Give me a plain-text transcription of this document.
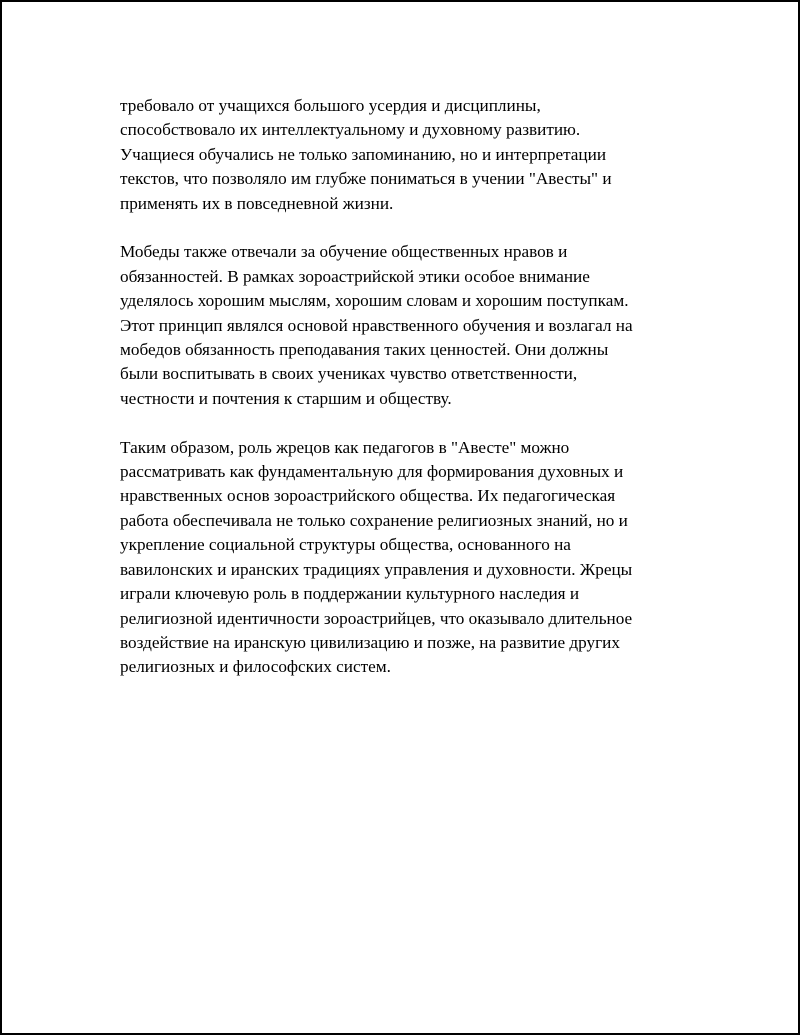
требовало от учащихся большого усердия и дисциплины,
способствовало их интеллектуальному и духовному развитию.
Учащиеся обучались не только запоминанию, но и интерпретации
текстов, что позволяло им глубже пониматься в учении "Авесты" и
применять их в повседневной жизни.

Мобеды также отвечали за обучение общественных нравов и
обязанностей. В рамках зороастрийской этики особое внимание
уделялось хорошим мыслям, хорошим словам и хорошим поступкам.
Этот принцип являлся основой нравственного обучения и возлагал на
мобедов обязанность преподавания таких ценностей. Они должны
были воспитывать в своих учениках чувство ответственности,
честности и почтения к старшим и обществу.

Таким образом, роль жрецов как педагогов в "Авесте" можно
рассматривать как фундаментальную для формирования духовных и
нравственных основ зороастрийского общества. Их педагогическая
работа обеспечивала не только сохранение религиозных знаний, но и
укрепление социальной структуры общества, основанного на
вавилонских и иранских традициях управления и духовности. Жрецы
играли ключевую роль в поддержании культурного наследия и
религиозной идентичности зороастрийцев, что оказывало длительное
воздействие на иранскую цивилизацию и позже, на развитие других
религиозных и философских систем.
